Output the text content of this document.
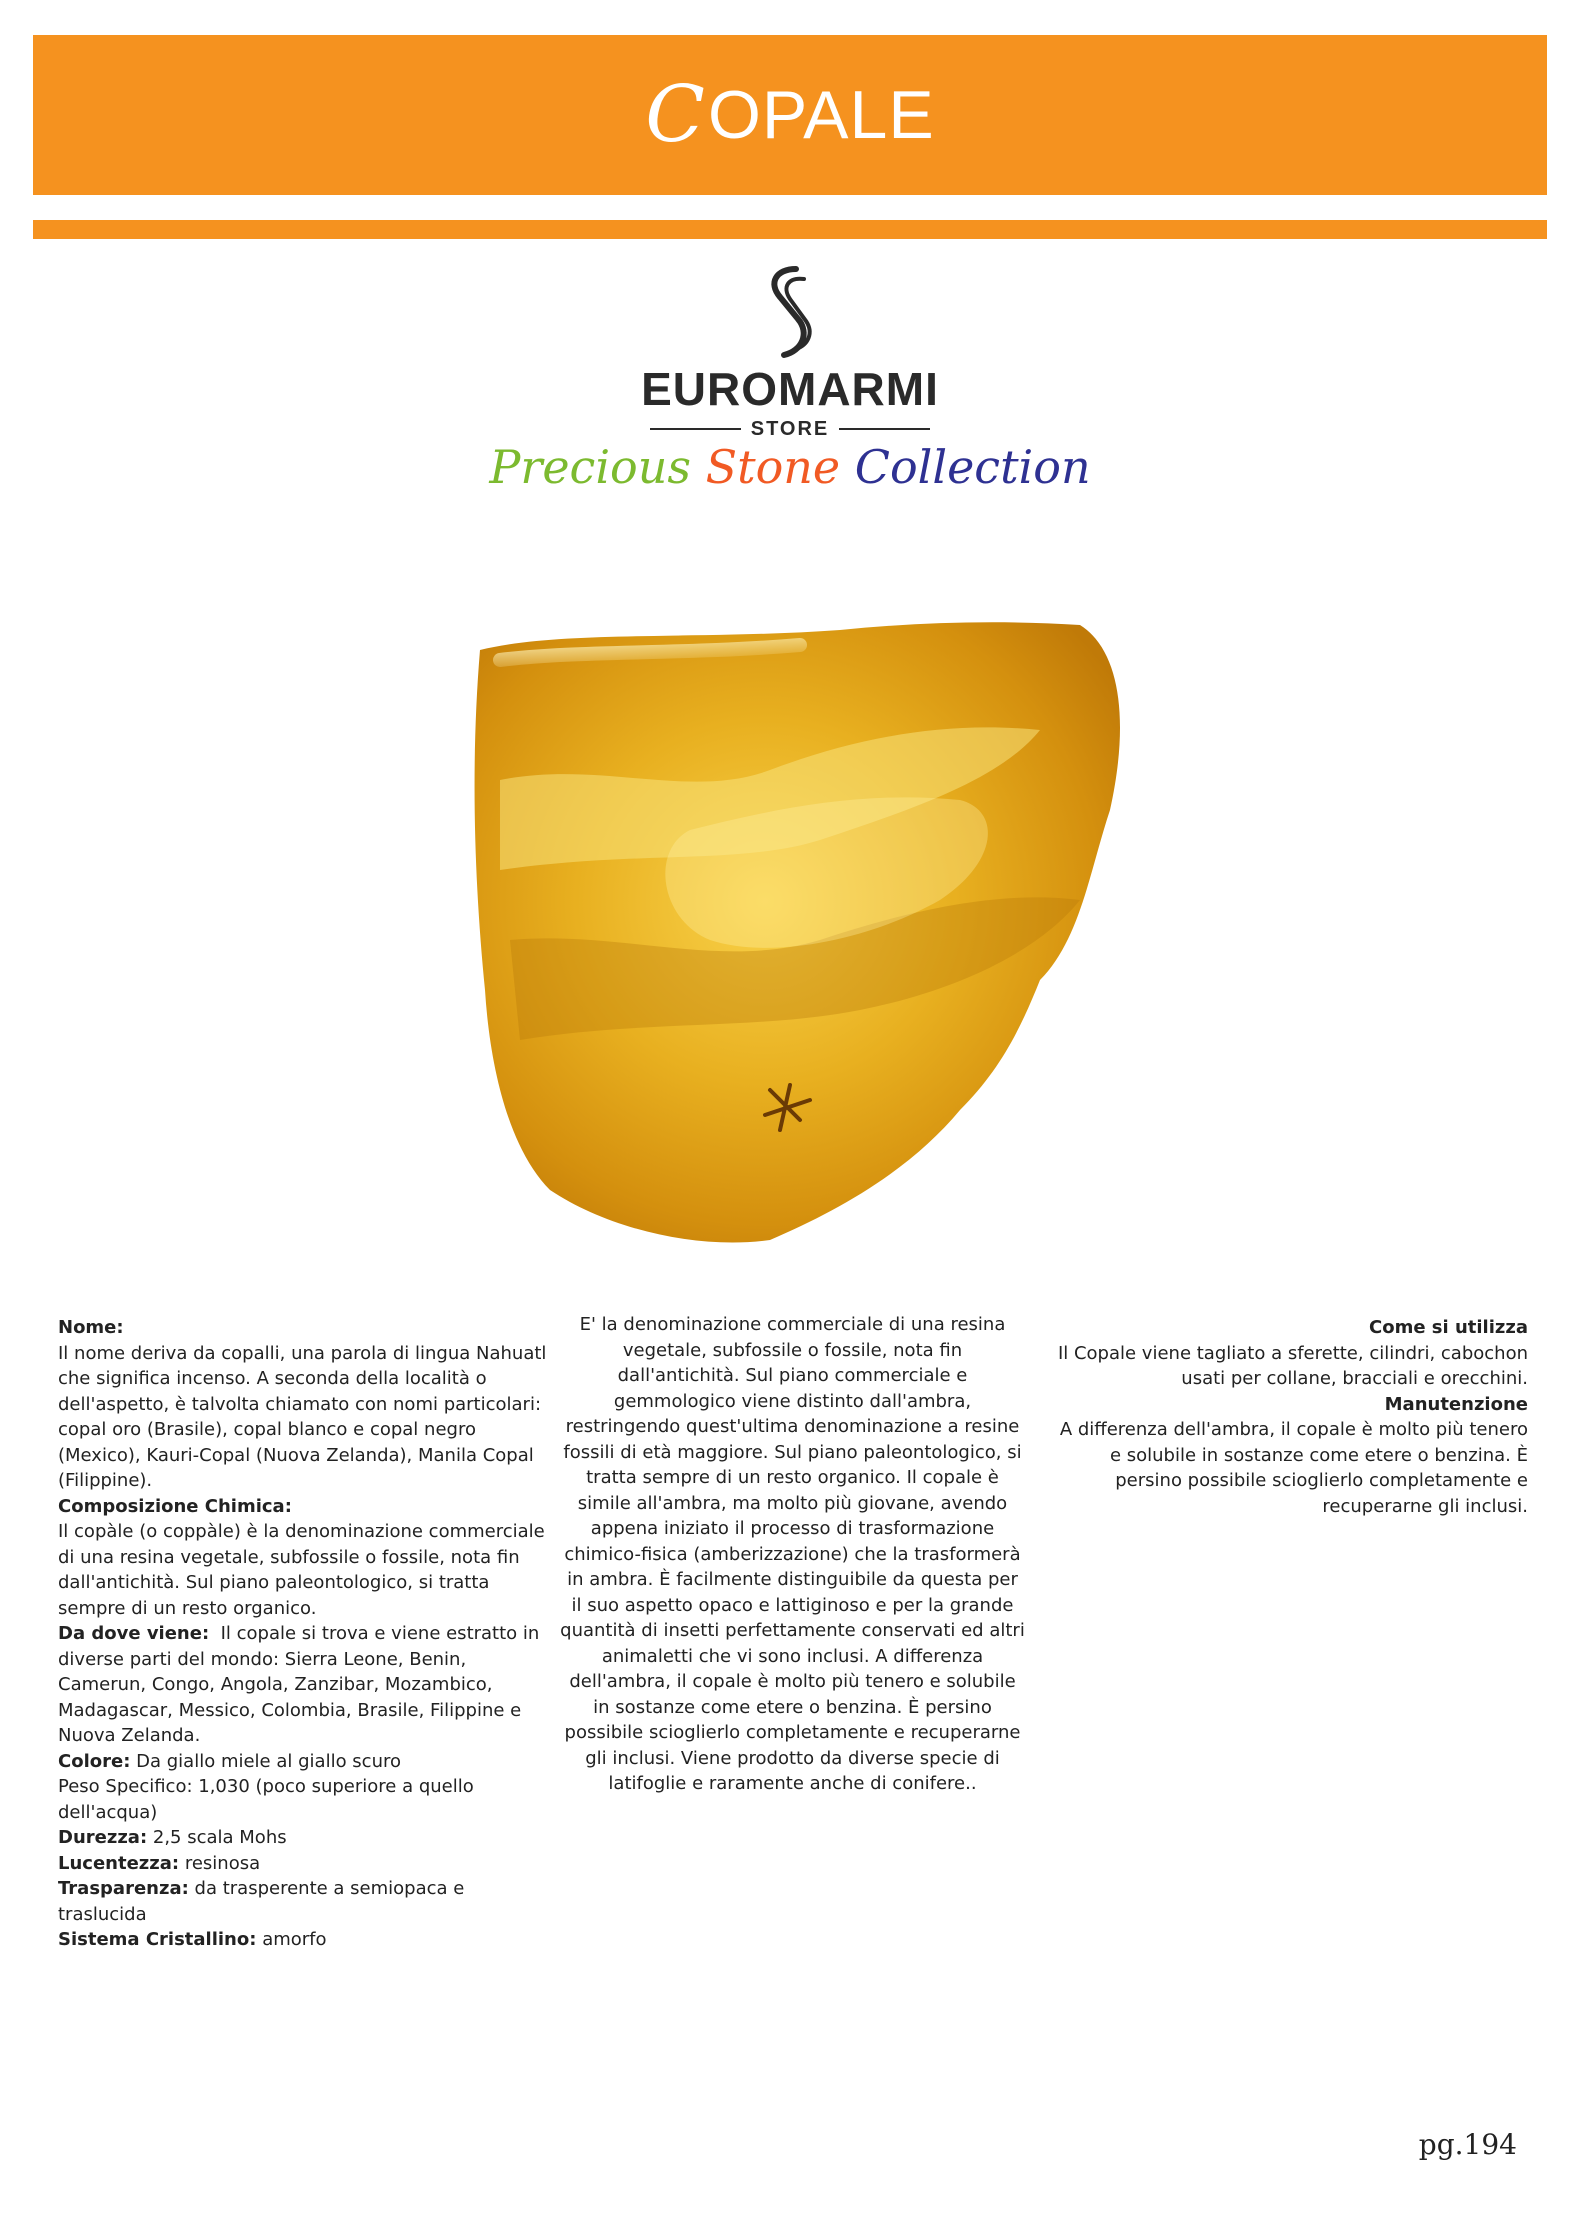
C OPALE
EUROMARMI
STORE
Precious Stone Collection

Nome:

Il nome deriva da copalli, una parola di lingua Nahuatl che significa incenso. A seconda della località o dell'aspetto, è talvolta chiamato con nomi particolari: copal oro (Brasile), copal blanco e copal negro (Mexico), Kauri-Copal (Nuova Zelanda), Manila Copal (Filippine).

Composizione Chimica:

Il copàle (o coppàle) è la denominazione commerciale di una resina vegetale, subfossile o fossile, nota fin dall'antichità. Sul piano paleontologico, si tratta sempre di un resto organico.

Da dove viene: Il copale si trova e viene estratto in diverse parti del mondo: Sierra Leone, Benin, Camerun, Congo, Angola, Zanzibar, Mozambico, Madagascar, Messico, Colombia, Brasile, Filippine e Nuova Zelanda.

Colore: Da giallo miele al giallo scuro

Peso Specifico: 1,030 (poco superiore a quello dell'acqua)

Durezza: 2,5 scala Mohs

Lucentezza: resinosa

Trasparenza: da trasperente a semiopaca e traslucida

Sistema Cristallino: amorfo

E' la denominazione commerciale di una resina vegetale, subfossile o fossile, nota fin dall'antichità. Sul piano commerciale e gemmologico viene distinto dall'ambra, restringendo quest'ultima denominazione a resine fossili di età maggiore. Sul piano paleontologico, si tratta sempre di un resto organico. Il copale è simile all'ambra, ma molto più giovane, avendo appena iniziato il processo di trasformazione chimico-fisica (amberizzazione) che la trasformerà in ambra. È facilmente distinguibile da questa per il suo aspetto opaco e lattiginoso e per la grande quantità di insetti perfettamente conservati ed altri animaletti che vi sono inclusi. A differenza dell'ambra, il copale è molto più tenero e solubile in sostanze come etere o benzina. È persino possibile scioglierlo completamente e recuperarne gli inclusi. Viene prodotto da diverse specie di latifoglie e raramente anche di conifere..

Come si utilizza

Il Copale viene tagliato a sferette, cilindri, cabochon usati per collane, bracciali e orecchini.

Manutenzione

A differenza dell'ambra, il copale è molto più tenero e solubile in sostanze come etere o benzina. È persino possibile scioglierlo completamente e recuperarne gli inclusi.

pg.194
